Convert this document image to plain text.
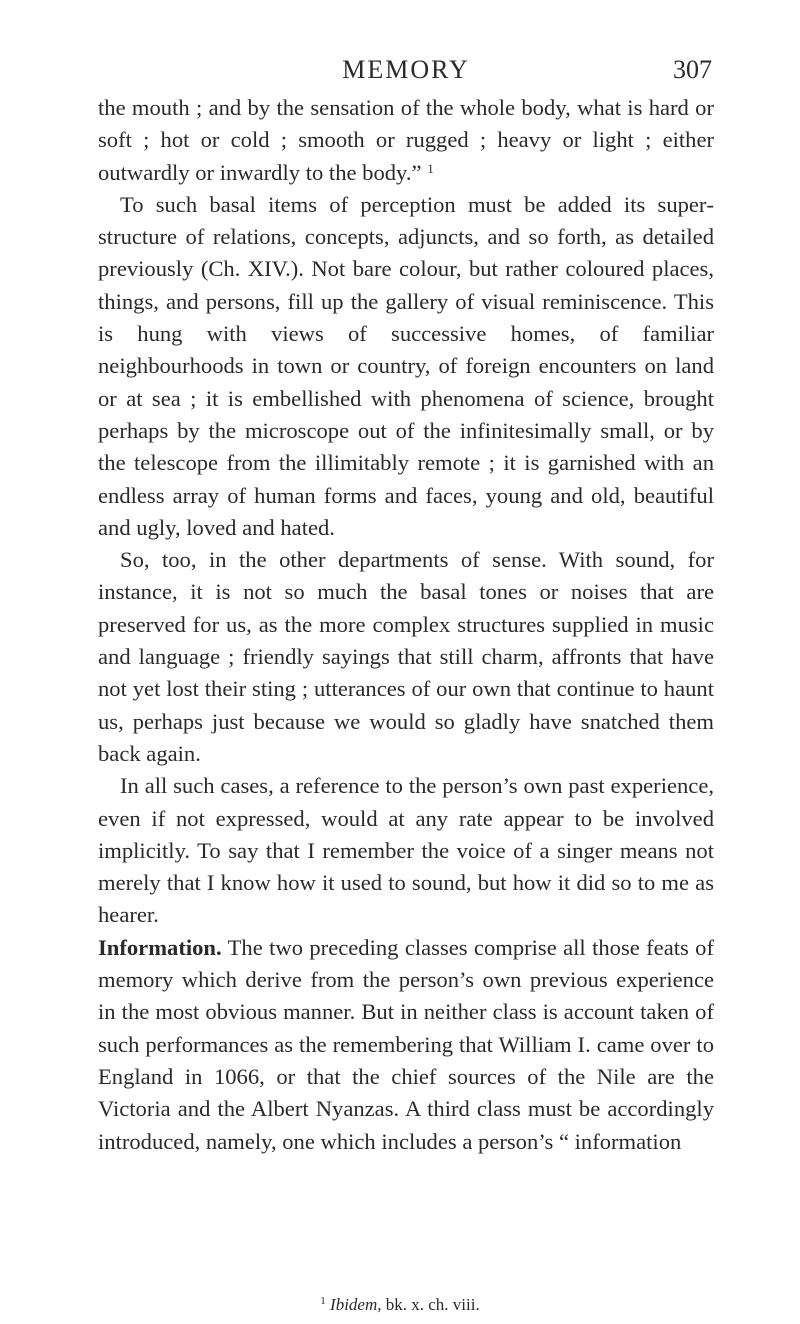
MEMORY	307

the mouth ; and by the sensation of the whole body, what is hard or soft ; hot or cold ; smooth or rugged ; heavy or light ; either outwardly or inwardly to the body.” $^1$

To such basal items of perception must be added its superstructure of relations, concepts, adjuncts, and so forth, as detailed previously (Ch. XIV.). Not bare colour, but rather coloured places, things, and persons, fill up the gallery of visual reminiscence. This is hung with views of successive homes, of familiar neighbourhoods in town or country, of foreign encounters on land or at sea ; it is embellished with phenomena of science, brought perhaps by the microscope out of the infinitesimally small, or by the telescope from the illimitably remote ; it is garnished with an endless array of human forms and faces, young and old, beautiful and ugly, loved and hated.

So, too, in the other departments of sense. With sound, for instance, it is not so much the basal tones or noises that are preserved for us, as the more complex structures supplied in music and language ; friendly sayings that still charm, affronts that have not yet lost their sting ; utterances of our own that continue to haunt us, perhaps just because we would so gladly have snatched them back again.

In all such cases, a reference to the person’s own past experience, even if not expressed, would at any rate appear to be involved implicitly. To say that I remember the voice of a singer means not merely that I know how it used to sound, but how it did so to me as hearer.

Information. The two preceding classes comprise all those feats of memory which derive from the person’s own previous experience in the most obvious manner. But in neither class is account taken of such performances as the remembering that William I. came over to England in 1066, or that the chief sources of the Nile are the Victoria and the Albert Nyanzas. A third class must be accordingly introduced, namely, one which includes a person’s “ information

$^1$ Ibidem, bk. x. ch. viii.
